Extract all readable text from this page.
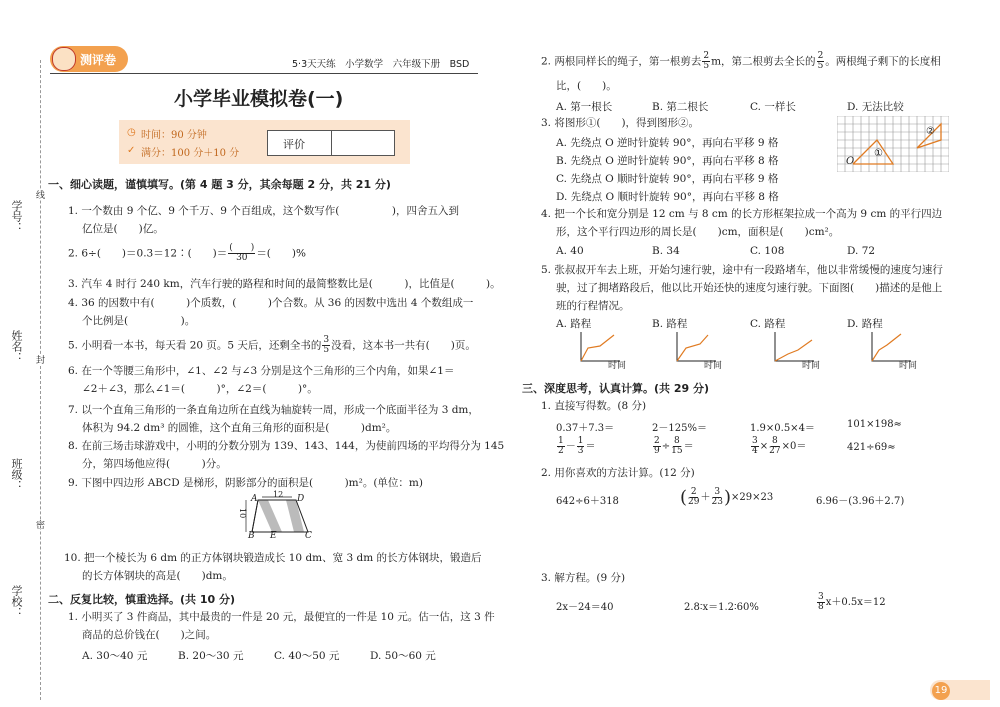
学号：
姓名：
班级：
学校：
线
封
密
测评卷	5·3天天练　小学数学　六年级下册　BSD
小学毕业模拟卷(一)
◷ 时间：90 分钟
✓ 满分：100 分＋10 分
评价
一、细心读题，谨慎填写。(第 4 题 3 分，其余每题 2 分，共 21 分)
1. 一个数由 9 个亿、9 个千万、9 个百组成，这个数写作(　　　　　)，四舍五入到
亿位是(　　)亿。
2. 6÷(　　)＝0.3＝12∶(　　)＝ $\frac{( )}{30}$ ＝(　　)%
3. 汽车 4 时行 240 km，汽车行驶的路程和时间的最简整数比是(　　　)，比值是(　　　)。
4. 36 的因数中有(　　　)个质数，(　　　)个合数。从 36 的因数中选出 4 个数组成一
个比例是(　　　　　)。
5. 小明看一本书，每天看 20 页。5 天后，还剩全书的 $\frac{3}{5}$ 没看，这本书一共有(　　)页。
6. 在一个等腰三角形中，∠1、∠2 与∠3 分别是这个三角形的三个内角，如果∠1＝
∠2＋∠3，那么∠1＝(　　　)°，∠2＝(　　　)°。
7. 以一个直角三角形的一条直角边所在直线为轴旋转一周，形成一个底面半径为 3 dm，
体积为 94.2 dm³ 的圆锥，这个直角三角形的面积是(　　　)dm²。
8. 在前三场击球游戏中，小明的分数分别为 139、143、144，为使前四场的平均得分为 145
分，第四场他应得(　　　)分。
9. 下图中四边形 ABCD 是梯形，阴影部分的面积是(　　　)m²。(单位：m)
A	D
12
10
B E	C
10. 把一个棱长为 6 dm 的正方体钢块锻造成长 10 dm、宽 3 dm 的长方体钢块，锻造后
的长方体钢块的高是(　　)dm。
二、反复比较，慎重选择。(共 10 分)
1. 小明买了 3 件商品，其中最贵的一件是 20 元，最便宜的一件是 10 元。估一估，这 3 件
商品的总价钱在(　　)之间。
A. 30～40 元	B. 20～30 元	C. 40～50 元	D. 50～60 元
2. 两根同样长的绳子，第一根剪去 $\frac{2}{5}$ m，第二根剪去全长的 $\frac{2}{5}$ 。两根绳子剩下的长度相
比，(　　)。
A. 第一根长	B. 第二根长	C. 一样长	D. 无法比较
3. 将图形①(　　)，得到图形②。
A. 先绕点 O 逆时针旋转 90°，再向右平移 9 格
B. 先绕点 O 逆时针旋转 90°，再向右平移 8 格
C. 先绕点 O 顺时针旋转 90°，再向右平移 9 格
D. 先绕点 O 顺时针旋转 90°，再向右平移 8 格
O
①
②
4. 把一个长和宽分别是 12 cm 与 8 cm 的长方形框架拉成一个高为 9 cm 的平行四边
形，这个平行四边形的周长是(　　)cm，面积是(　　)cm²。
A. 40	B. 34	C. 108	D. 72
5. 张叔叔开车去上班，开始匀速行驶，途中有一段路堵车，他以非常缓慢的速度匀速行
驶，过了拥堵路段后，他以比开始还快的速度匀速行驶。下面图(　　)描述的是他上
班的行程情况。
A. 路程	B. 路程	C. 路程	D. 路程
时间	时间	时间	时间
三、深度思考，认真计算。(共 29 分)
1. 直接写得数。(8 分)
0.37＋7.3＝	2－125%＝	1.9×0.5×4＝	101×198≈
$\frac{1}{2} - \frac{1}{3}$ ＝	$\frac{2}{9} \div \frac{8}{15}$ ＝	$\frac{3}{4} \times \frac{8}{27} \times 0=$	421÷69≈
2. 用你喜欢的方法计算。(12 分)
642÷6＋318	( $\frac{2}{29} + \frac{3}{23} )\times 29\times 23$	6.96－(3.96＋2.7)
3. 解方程。(9 分)
2x－24＝40	2.8∶x＝1.2∶60%	$\frac{3}{8} x+0.5x=12$
19
